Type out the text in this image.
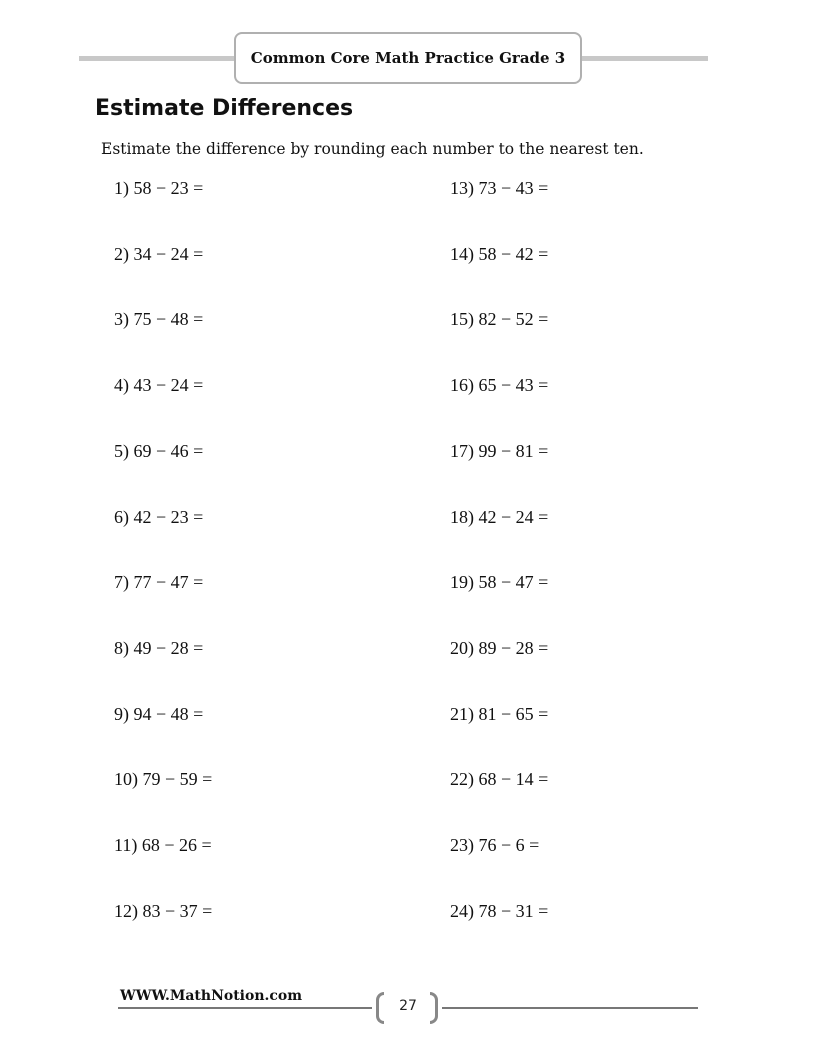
Common Core Math Practice Grade 3
Estimate Differences
Estimate the difference by rounding each number to the nearest ten.
1) 58 − 23 =
2) 34 − 24 =
3) 75 − 48 =
4) 43 − 24 =
5) 69 − 46 =
6) 42 − 23 =
7) 77 − 47 =
8) 49 − 28 =
9) 94 − 48 =
10) 79 − 59 =
11) 68 − 26 =
12) 83 − 37 =
13) 73 − 43 =
14) 58 − 42 =
15) 82 − 52 =
16) 65 − 43 =
17) 99 − 81 =
18) 42 − 24 =
19) 58 − 47 =
20) 89 − 28 =
21) 81 − 65 =
22) 68 − 14 =
23) 76 − 6 =
24) 78 − 31 =
WWW.MathNotion.com
27
